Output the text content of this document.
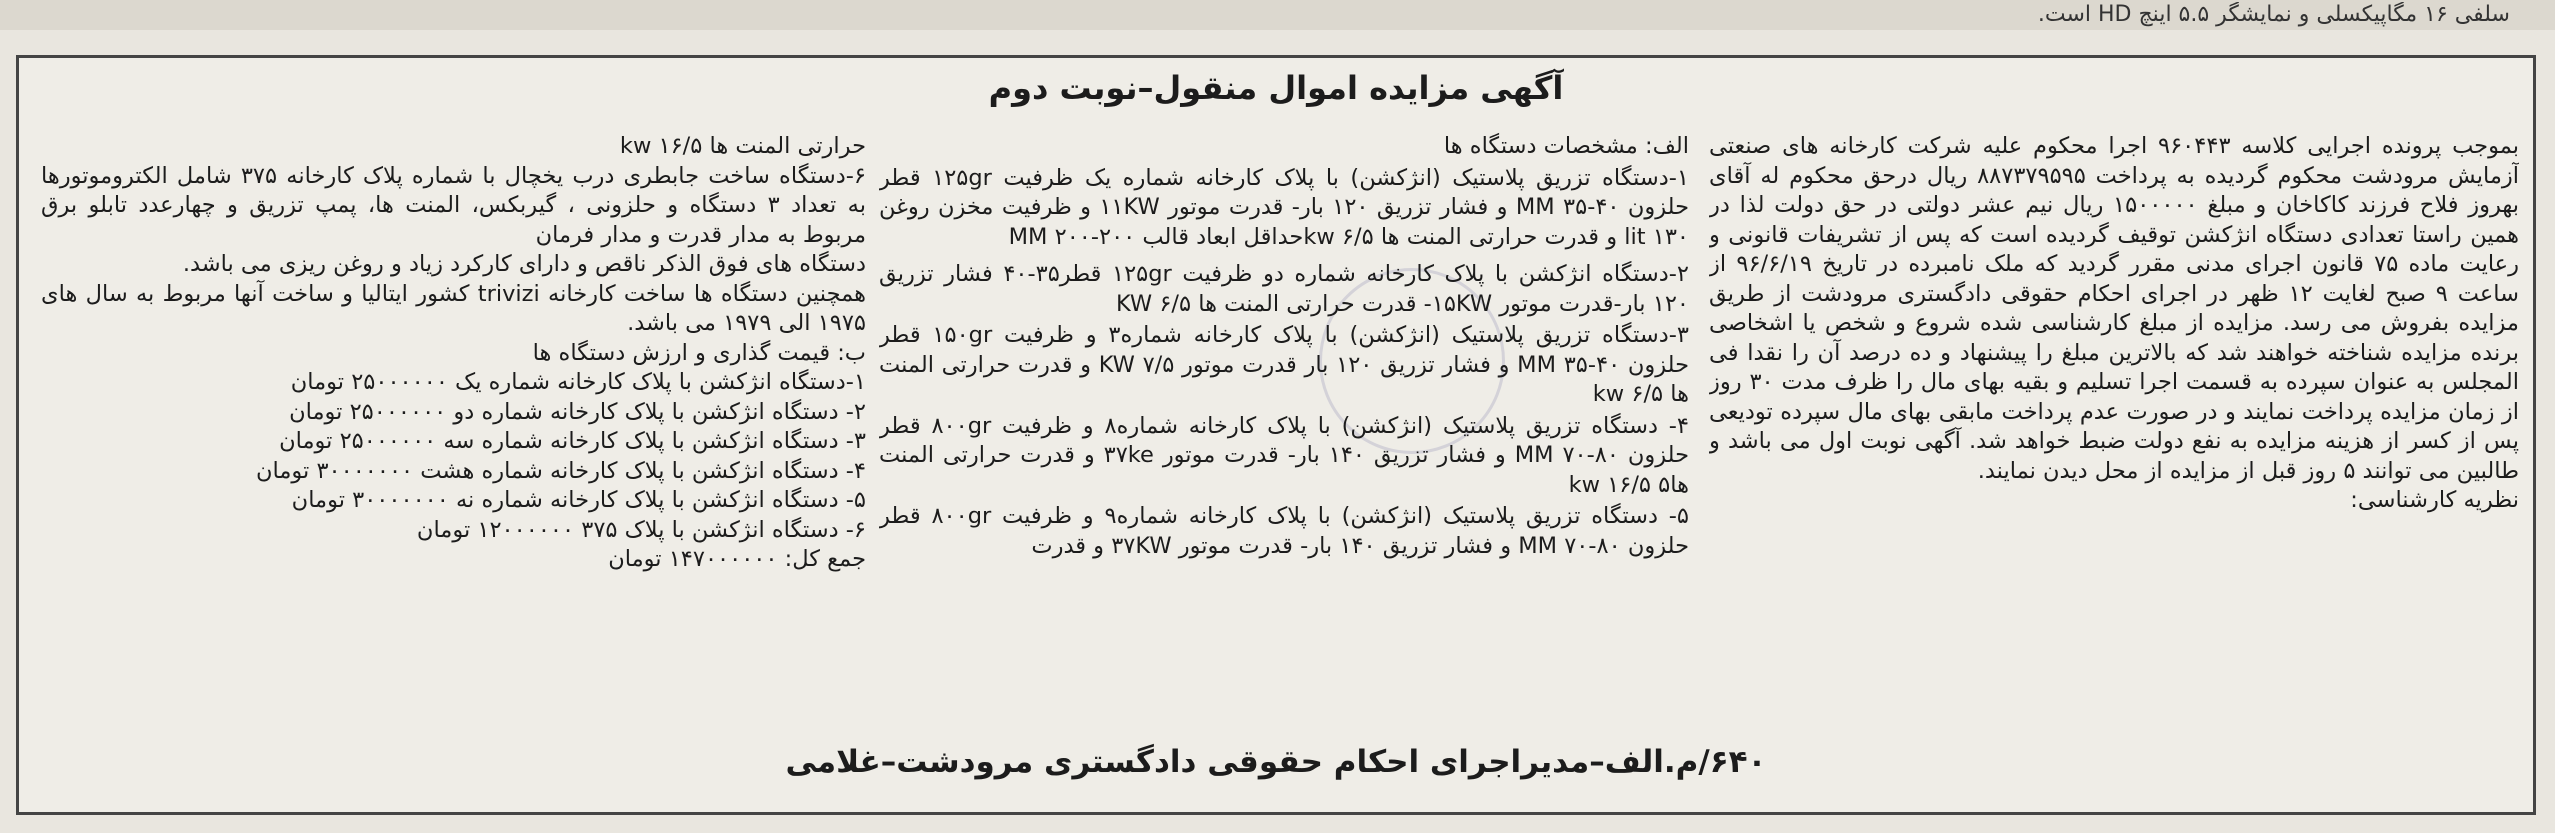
سلفی ۱۶ مگاپیکسلی و نمایشگر ۵.۵ اینچ HD است.
آگهی مزایده اموال منقول–نوبت دوم

بموجب پرونده اجرایی کلاسه ۹۶۰۴۴۳ اجرا محکوم علیه شرکت کارخانه های صنعتی آزمایش مرودشت محکوم گردیده به پرداخت ۸۸۷۳۷۹۵۹۵ ریال درحق محکوم له آقای بهروز فلاح فرزند کاکاخان و مبلغ ۱۵۰۰۰۰۰ ریال نیم عشر دولتی در حق دولت لذا در همین راستا تعدادی دستگاه انژکشن توقیف گردیده است که پس از تشریفات قانونی و رعایت ماده ۷۵ قانون اجرای مدنی مقرر گردید که ملک نامبرده در تاریخ ۹۶/۶/۱۹ از ساعت ۹ صبح لغایت ۱۲ ظهر در اجرای احکام حقوقی دادگستری مرودشت از طریق مزایده بفروش می رسد. مزایده از مبلغ کارشناسی شده شروع و شخص یا اشخاصی برنده مزایده شناخته خواهند شد که بالاترین مبلغ را پیشنهاد و ده درصد آن را نقدا فی المجلس به عنوان سپرده به قسمت اجرا تسلیم و بقیه بهای مال را ظرف مدت ۳۰ روز از زمان مزایده پرداخت نمایند و در صورت عدم پرداخت مابقی بهای مال سپرده تودیعی پس از کسر از هزینه مزایده به نفع دولت ضبط خواهد شد. آگهی نوبت اول می باشد و طالبین می توانند ۵ روز قبل از مزایده از محل دیدن نمایند.

نظریه کارشناسی:

الف: مشخصات دستگاه ها

۱-دستگاه تزریق پلاستیک (انژکشن) با پلاک کارخانه شماره یک ظرفیت ۱۲۵gr قطر حلزون ۴۰-۳۵ MM و فشار تزریق ۱۲۰ بار- قدرت موتور ۱۱KW و ظرفیت مخزن روغن ۱۳۰ lit و قدرت حرارتی المنت ها ۶/۵ kwحداقل ابعاد قالب ۲۰۰-۲۰۰ MM

۲-دستگاه انژکشن با پلاک کارخانه شماره دو ظرفیت ۱۲۵gr قطر۳۵-۴۰ فشار تزریق ۱۲۰ بار-قدرت موتور ۱۵KW- قدرت حرارتی المنت ها ۶/۵ KW

۳-دستگاه تزریق پلاستیک (انژکشن) با پلاک کارخانه شماره۳ و ظرفیت ۱۵۰gr قطر حلزون ۴۰-۳۵ MM و فشار تزریق ۱۲۰ بار قدرت موتور ۷/۵ KW و قدرت حرارتی المنت ها ۶/۵ kw

۴- دستگاه تزریق پلاستیک (انژکشن) با پلاک کارخانه شماره۸ و ظرفیت ۸۰۰gr قطر حلزون ۸۰-۷۰ MM و فشار تزریق ۱۴۰ بار- قدرت موتور ۳۷ke و قدرت حرارتی المنت ها۵ kw ۱۶/۵

۵- دستگاه تزریق پلاستیک (انژکشن) با پلاک کارخانه شماره۹ و ظرفیت ۸۰۰gr قطر حلزون ۸۰-۷۰ MM و فشار تزریق ۱۴۰ بار- قدرت موتور ۳۷KW و قدرت

حرارتی المنت ها ۱۶/۵ kw

۶-دستگاه ساخت جابطری درب یخچال با شماره پلاک کارخانه ۳۷۵ شامل الکتروموتورها به تعداد ۳ دستگاه و حلزونی ، گیربکس، المنت ها، پمپ تزریق و چهارعدد تابلو برق مربوط به مدار قدرت و مدار فرمان

دستگاه های فوق الذکر ناقص و دارای کارکرد زیاد و روغن ریزی می باشد.

همچنین دستگاه ها ساخت کارخانه trivizi کشور ایتالیا و ساخت آنها مربوط به سال های ۱۹۷۵ الی ۱۹۷۹ می باشد.

ب: قیمت گذاری و ارزش دستگاه ها

۱-دستگاه انژکشن با پلاک کارخانه شماره یک ۲۵۰۰۰۰۰۰ تومان

۲- دستگاه انژکشن با پلاک کارخانه شماره دو ۲۵۰۰۰۰۰۰ تومان

۳- دستگاه انژکشن با پلاک کارخانه شماره سه ۲۵۰۰۰۰۰۰ تومان

۴- دستگاه انژکشن با پلاک کارخانه شماره هشت ۳۰۰۰۰۰۰۰ تومان

۵- دستگاه انژکشن با پلاک کارخانه شماره نه ۳۰۰۰۰۰۰۰ تومان

۶- دستگاه انژکشن با پلاک ۳۷۵ ۱۲۰۰۰۰۰۰ تومان

جمع کل: ۱۴۷۰۰۰۰۰۰ تومان

۶۴۰/م.الف–مدیراجرای احکام حقوقی دادگستری مرودشت–غلامی
